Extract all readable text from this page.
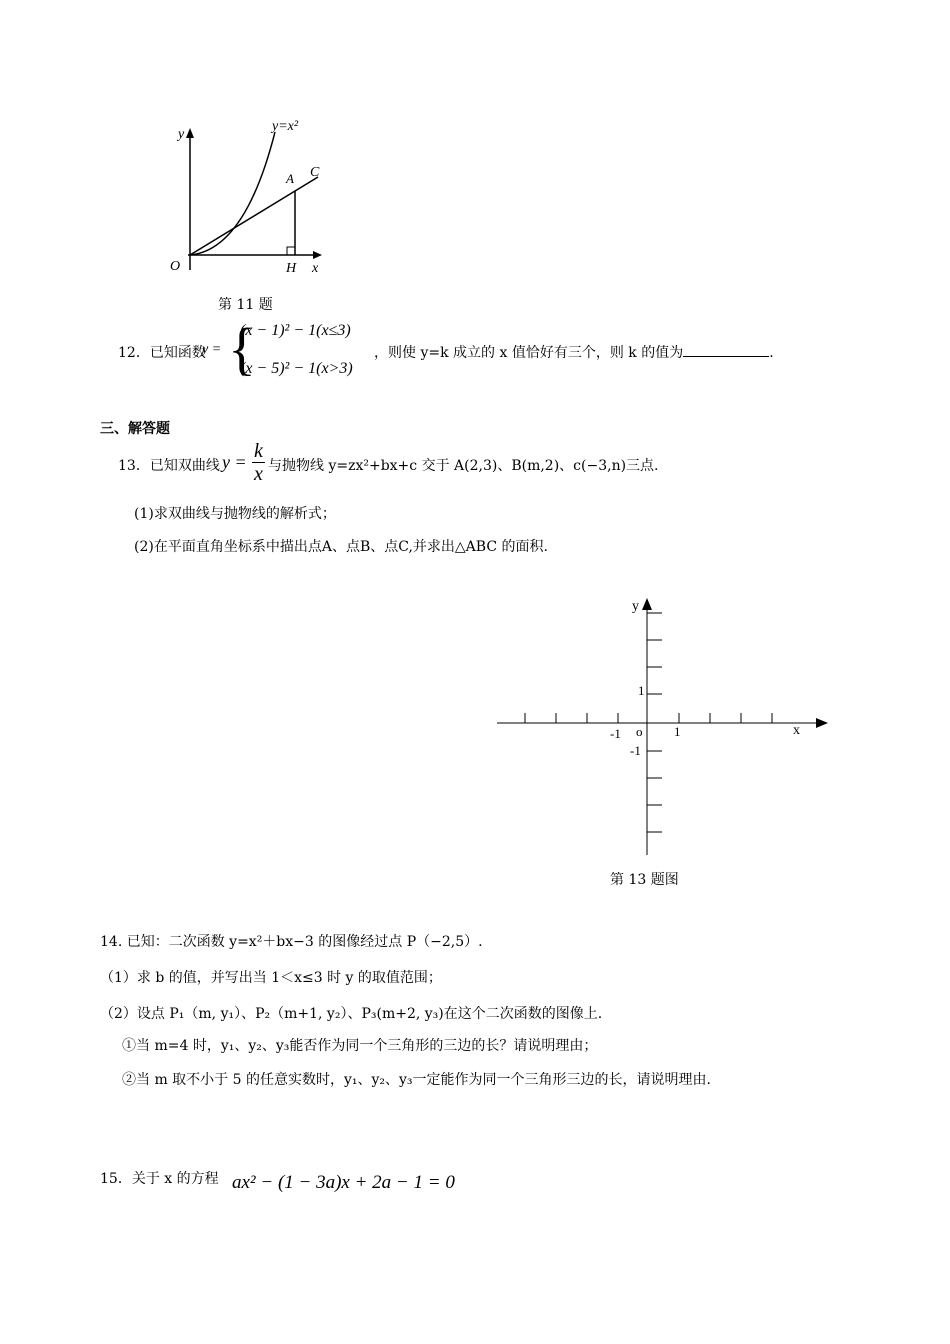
y=x²
C
A
H
O	x
y
第 11 题
12．已知函数
y = {
(x − 1)² − 1(x≤3)
(x − 5)² − 1(x>3)
，则使 y=k 成立的 x 值恰好有三个，则 k 的值为	.
三、解答题
13．已知双曲线 $y = \frac{k}{x}$ 与抛物线 y=zx²+bx+c 交于 A(2,3)、B(m,2)、c(−3,n)三点.
(1)求双曲线与抛物线的解析式；
(2)在平面直角坐标系中描出点A、点B、点C,并求出△ABC 的面积.
x
y
o
-1	1
1
-1
第 13 题图
14. 已知：二次函数 y=x²＋bx−3 的图像经过点 P（−2,5）.
（1）求 b 的值，并写出当 1＜x≤3 时 y 的取值范围；
（2）设点 P₁（m, y₁）、P₂（m+1, y₂）、P₃(m+2, y₃)在这个二次函数的图像上.
①当 m=4 时，y₁、y₂、y₃能否作为同一个三角形的三边的长？请说明理由；
②当 m 取不小于 5 的任意实数时，y₁、y₂、y₃一定能作为同一个三角形三边的长，请说明理由.
15．关于 x 的方程 ax² − (1 − 3a)x + 2a − 1 = 0
